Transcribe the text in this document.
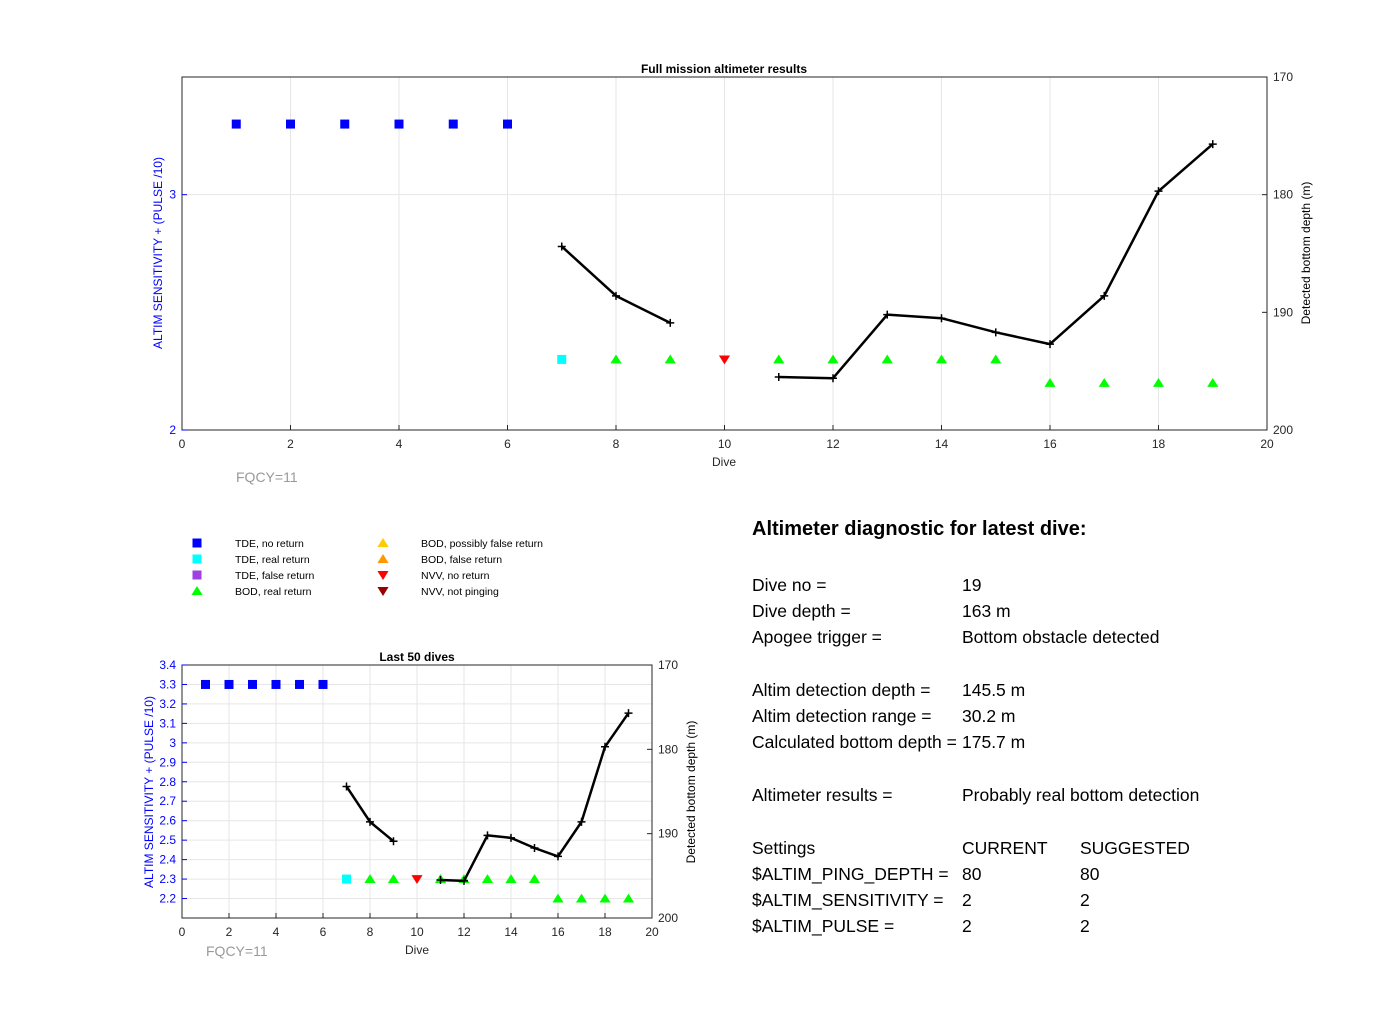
0	2	4	6	8	10	12	14	16	18	20
2
3
170
180
190
200
Full mission altimeter results
Dive
ALTIM SENSITIVITY + (PULSE /10)	Detected bottom depth (m)
FQCY=11
TDE, no return
TDE, real return
TDE, false return
BOD, real return
BOD, possibly false return
BOD, false return
NVV, no return
NVV, not pinging
0	2	4	6	8	10	12	14	16	18	20
2.2
2.3
2.4
2.5
2.6
2.7
2.8
2.9
3
3.1
3.2
3.3
3.4	170
180
190
200
Last 50 dives
Dive
ALTIM SENSITIVITY + (PULSE /10)	Detected bottom depth (m)
FQCY=11
Altimeter diagnostic for latest dive:
Dive no =	19
Dive depth =	163 m
Apogee trigger =	Bottom obstacle detected
Altim detection depth = 145.5 m
Altim detection range = 30.2 m
Calculated bottom depth = 175.7 m
Altimeter results =	Probably real bottom detection
Settings	CURRENT SUGGESTED
$ALTIM_PING_DEPTH = 80	80
$ALTIM_SENSITIVITY = 2	2
$ALTIM_PULSE =	2	2
